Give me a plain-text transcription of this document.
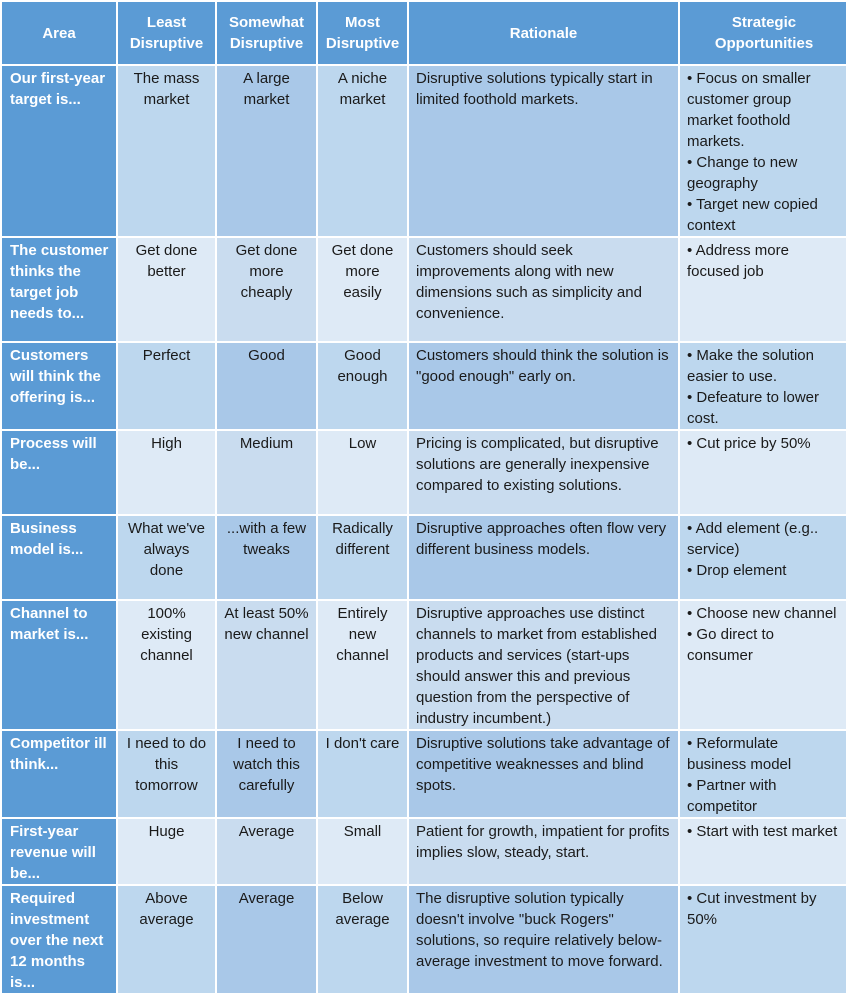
Area	Least Disruptive	Somewhat Disruptive	Most Disruptive	Rationale	Strategic Opportunities
Our first-year target is...	The mass market	A large market	A niche market	Disruptive solutions typically start in limited foothold markets.	• Focus on smaller customer group market foothold markets.
• Change to new geography
• Target new copied context

The customer thinks the target job needs to...	Get done better	Get done more cheaply	Get done more easily	Customers should seek improvements along with new dimensions such as simplicity and convenience.	• Address more focused job

Customers will think the offering is...	Perfect	Good	Good enough	Customers should think the solution is "good enough" early on.	• Make the solution easier to use.
• Defeature to lower cost.

Process will be...	High	Medium	Low	Pricing is complicated, but disruptive solutions are generally inexpensive compared to existing solutions.	• Cut price by 50%

Business model is...	What we've always done	...with a few tweaks	Radically different	Disruptive approaches often flow very different business models.	• Add element (e.g.. service)
• Drop element

Channel to market is...	100% existing channel	At least 50% new channel	Entirely new channel	Disruptive approaches use distinct channels to market from established products and services (start-ups should answer this and previous question from the perspective of industry incumbent.)	• Choose new channel
• Go direct to consumer

Competitor ill think...	I need to do this tomorrow	I need to watch this carefully	I don't care	Disruptive solutions take advantage of competitive weaknesses and blind spots.	• Reformulate business model
• Partner with competitor

First-year revenue will be...	Huge	Average	Small	Patient for growth, impatient for profits implies slow, steady, start.	• Start with test market

Required investment over the next 12 months is...	Above average	Average	Below average	The disruptive solution typically doesn't involve "buck Rogers" solutions, so require relatively below-average investment to move forward.	• Cut investment by 50%
